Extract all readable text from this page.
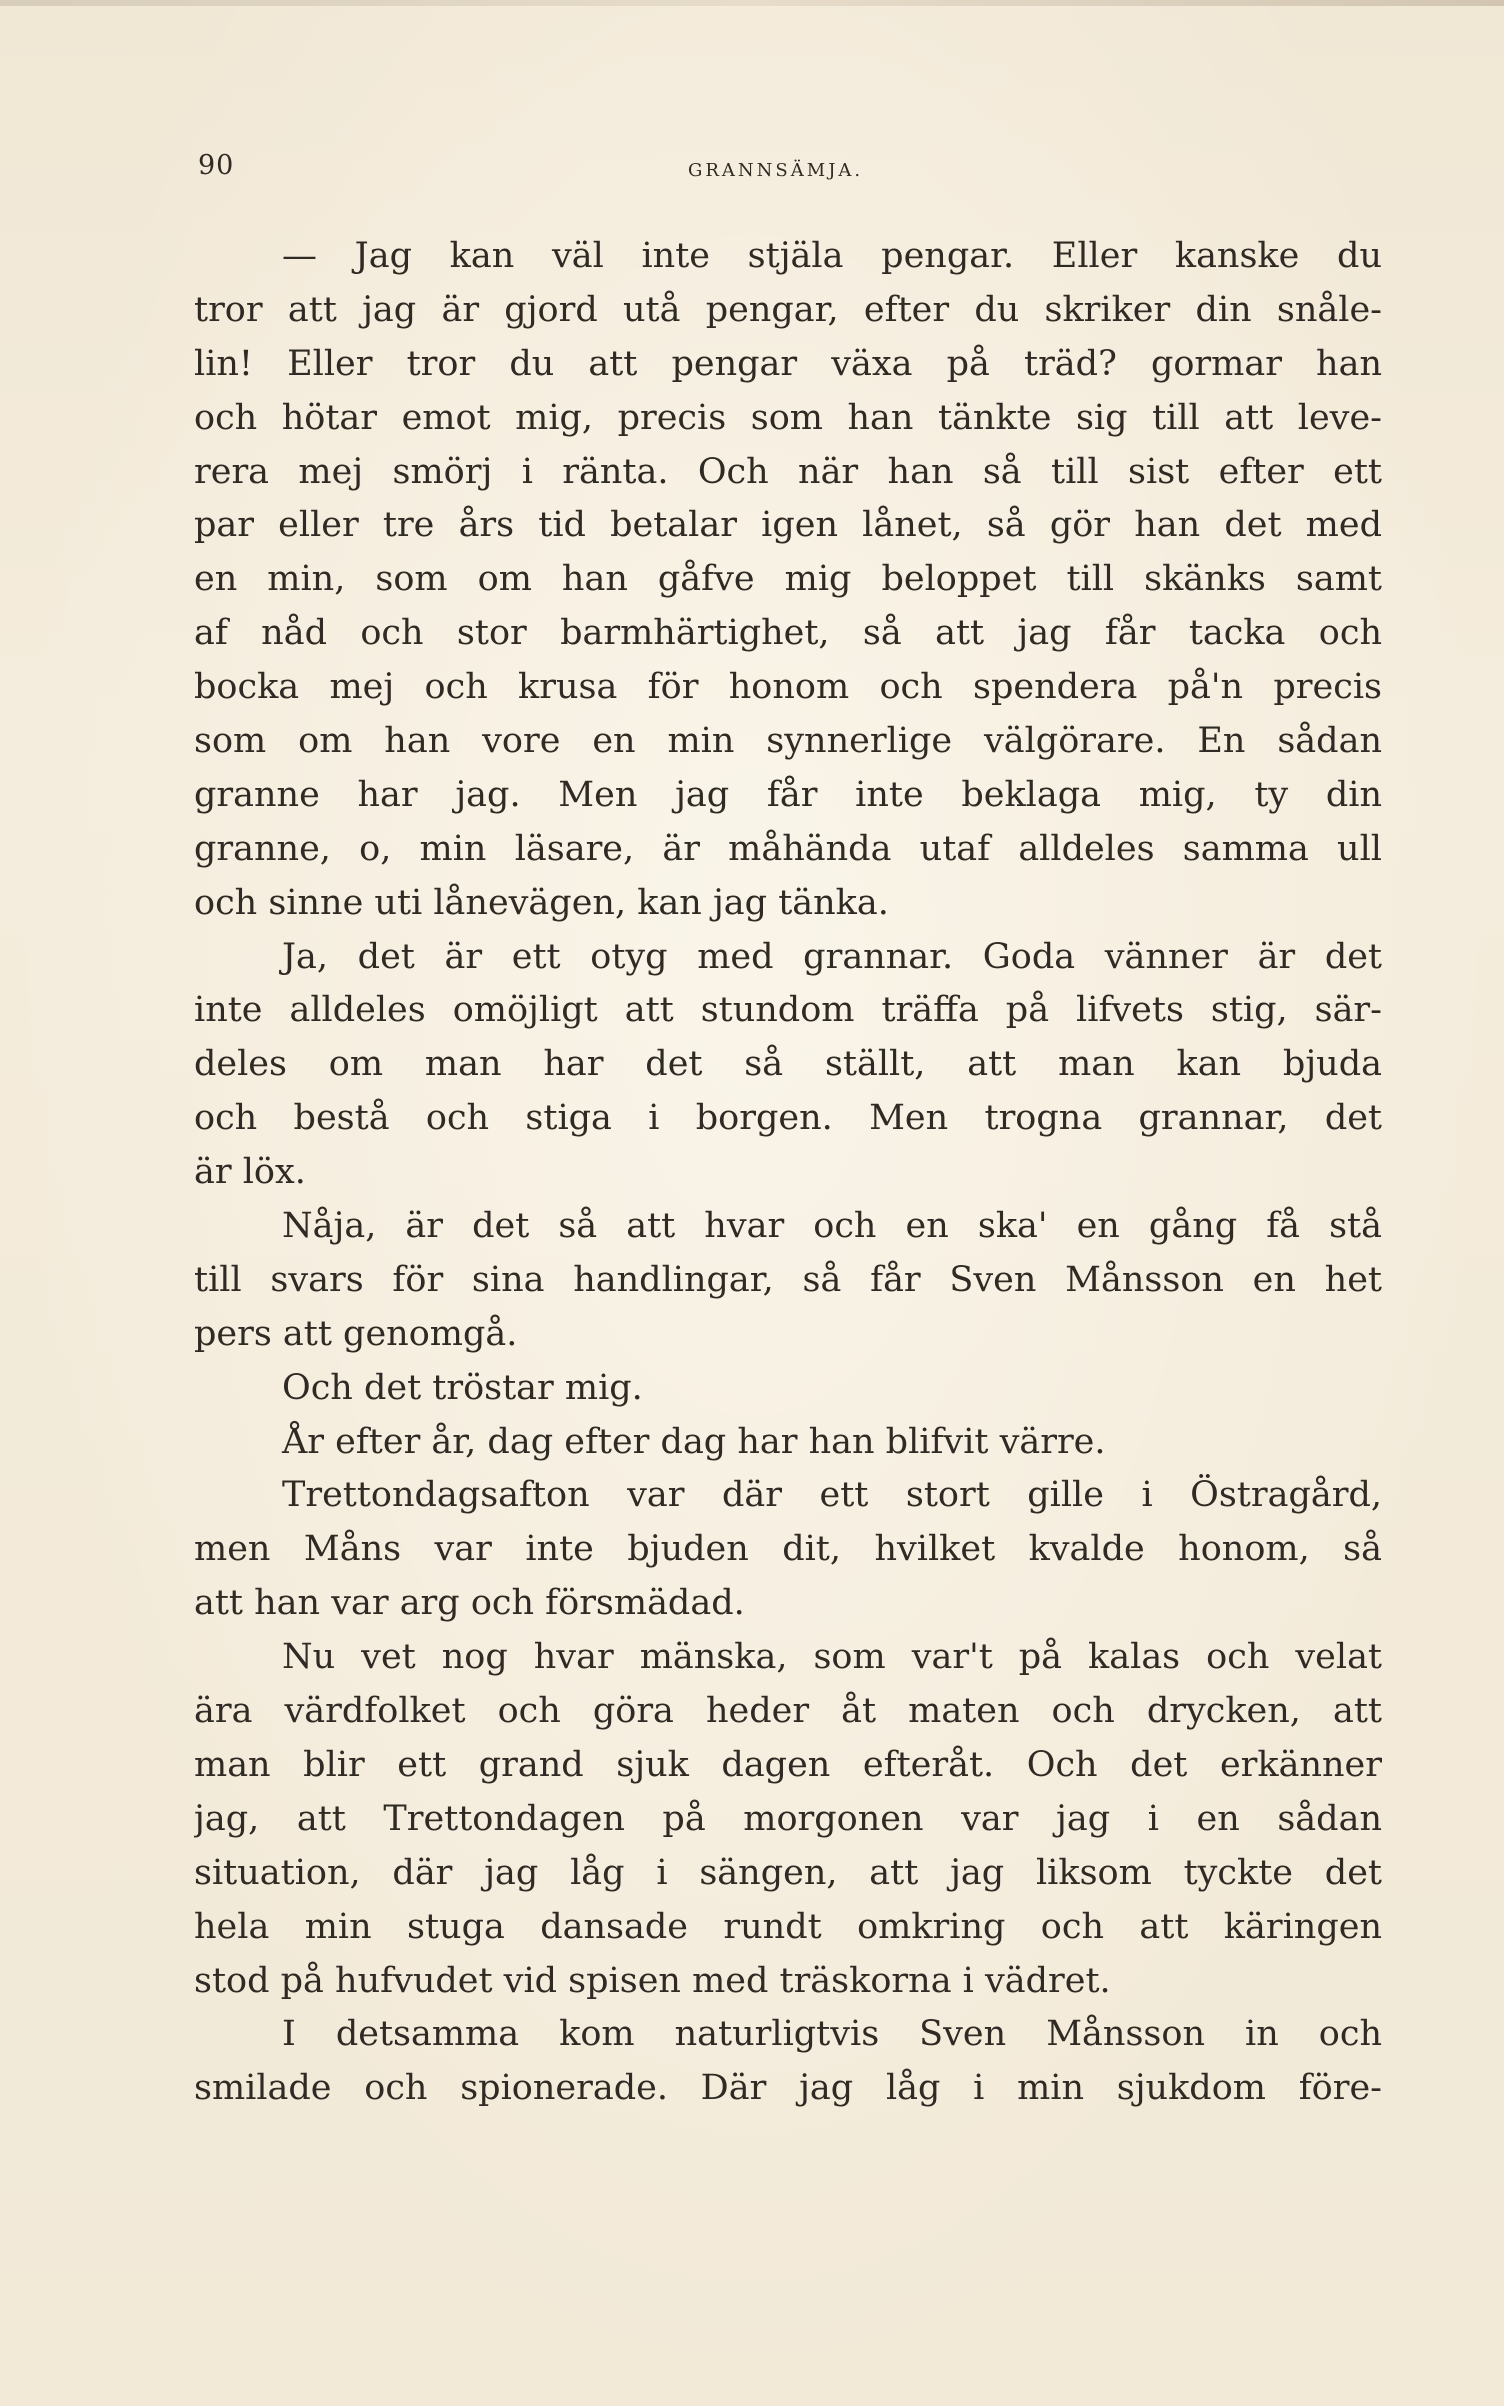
90	GRANNSÄMJA.
— Jag kan väl inte stjäla pengar. Eller kanske du
tror att jag är gjord utå pengar, efter du skriker din snåle-
lin! Eller tror du att pengar växa på träd? gormar han
och hötar emot mig, precis som han tänkte sig till att leve-
rera mej smörj i ränta. Och när han så till sist efter ett
par eller tre års tid betalar igen lånet, så gör han det med
en min, som om han gåfve mig beloppet till skänks samt
af nåd och stor barmhärtighet, så att jag får tacka och
bocka mej och krusa för honom och spendera på'n precis
som om han vore en min synnerlige välgörare. En sådan
granne har jag. Men jag får inte beklaga mig, ty din
granne, o, min läsare, är måhända utaf alldeles samma ull
och sinne uti lånevägen, kan jag tänka.
Ja, det är ett otyg med grannar. Goda vänner är det
inte alldeles omöjligt att stundom träffa på lifvets stig, sär-
deles om man har det så ställt, att man kan bjuda
och bestå och stiga i borgen. Men trogna grannar, det
är löx.
Nåja, är det så att hvar och en ska' en gång få stå
till svars för sina handlingar, så får Sven Månsson en het
pers att genomgå.
Och det tröstar mig.
År efter år, dag efter dag har han blifvit värre.
Trettondagsafton var där ett stort gille i Östragård,
men Måns var inte bjuden dit, hvilket kvalde honom, så
att han var arg och försmädad.
Nu vet nog hvar mänska, som var't på kalas och velat
ära värdfolket och göra heder åt maten och drycken, att
man blir ett grand sjuk dagen efteråt. Och det erkänner
jag, att Trettondagen på morgonen var jag i en sådan
situation, där jag låg i sängen, att jag liksom tyckte det
hela min stuga dansade rundt omkring och att käringen
stod på hufvudet vid spisen med träskorna i vädret.
I detsamma kom naturligtvis Sven Månsson in och
smilade och spionerade. Där jag låg i min sjukdom före-
